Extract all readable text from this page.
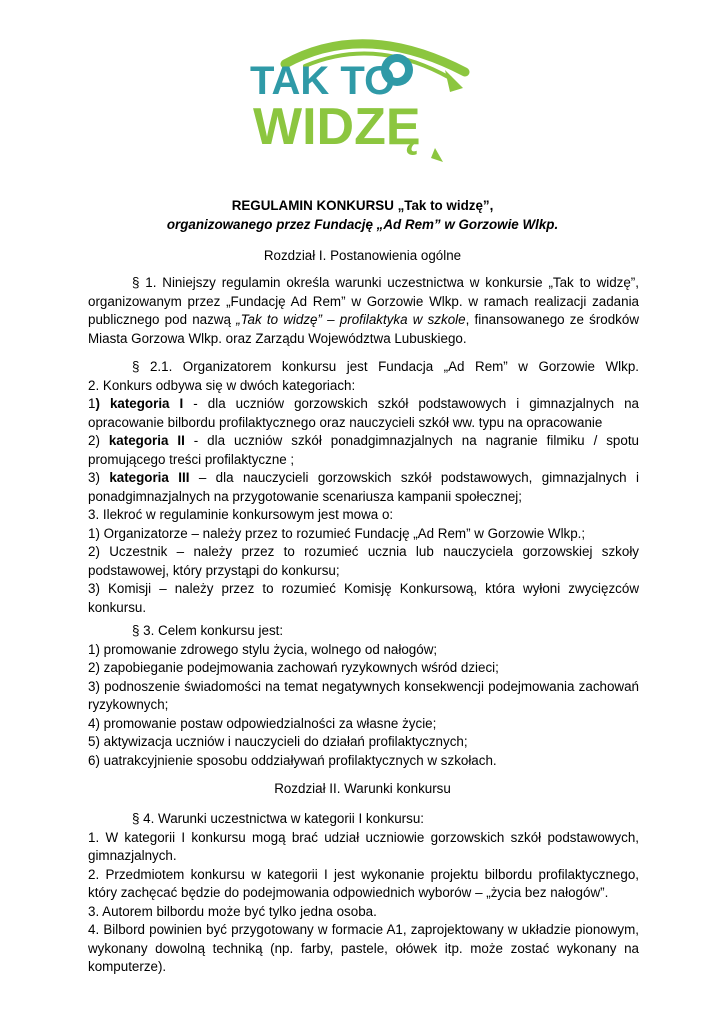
TAK TO
WIDZĘ
REGULAMIN KONKURSU „Tak to widzę”,
organizowanego przez Fundację „Ad Rem” w Gorzowie Wlkp.
Rozdział I. Postanowienia ogólne

§ 1. Niniejszy regulamin określa warunki uczestnictwa w konkursie „Tak to widzę”, organizowanym przez „Fundację Ad Rem” w Gorzowie Wlkp. w ramach realizacji zadania publicznego pod nazwą „Tak to widzę” – profilaktyka w szkole, finansowanego ze środków Miasta Gorzowa Wlkp. oraz Zarządu Województwa Lubuskiego.

§ 2.1. Organizatorem konkursu jest Fundacja „Ad Rem” w Gorzowie Wlkp.

2. Konkurs odbywa się w dwóch kategoriach:

1) kategoria I - dla uczniów gorzowskich szkół podstawowych i gimnazjalnych na opracowanie bilbordu profilaktycznego oraz nauczycieli szkół ww. typu na opracowanie

2) kategoria II - dla uczniów szkół ponadgimnazjalnych na nagranie filmiku / spotu promującego treści profilaktyczne ;

3) kategoria III – dla nauczycieli gorzowskich szkół podstawowych, gimnazjalnych i ponadgimnazjalnych na przygotowanie scenariusza kampanii społecznej;

3. Ilekroć w regulaminie konkursowym jest mowa o:

1) Organizatorze – należy przez to rozumieć Fundację „Ad Rem” w Gorzowie Wlkp.;

2) Uczestnik – należy przez to rozumieć ucznia lub nauczyciela gorzowskiej szkoły podstawowej, który przystąpi do konkursu;

3) Komisji – należy przez to rozumieć Komisję Konkursową, która wyłoni zwycięzców konkursu.

§ 3. Celem konkursu jest:

1) promowanie zdrowego stylu życia, wolnego od nałogów;

2) zapobieganie podejmowania zachowań ryzykownych wśród dzieci;

3) podnoszenie świadomości na temat negatywnych konsekwencji podejmowania zachowań ryzykownych;

4) promowanie postaw odpowiedzialności za własne życie;

5) aktywizacja uczniów i nauczycieli do działań profilaktycznych;

6) uatrakcyjnienie sposobu oddziaływań profilaktycznych w szkołach.

Rozdział II. Warunki konkursu

§ 4. Warunki uczestnictwa w kategorii I konkursu:

1. W kategorii I konkursu mogą brać udział uczniowie gorzowskich szkół podstawowych, gimnazjalnych.

2. Przedmiotem konkursu w kategorii I jest wykonanie projektu bilbordu profilaktycznego, który zachęcać będzie do podejmowania odpowiednich wyborów – „życia bez nałogów”.

3. Autorem bilbordu może być tylko jedna osoba.

4. Bilbord powinien być przygotowany w formacie A1, zaprojektowany w układzie pionowym, wykonany dowolną techniką (np. farby, pastele, ołówek itp. może zostać wykonany na komputerze).
